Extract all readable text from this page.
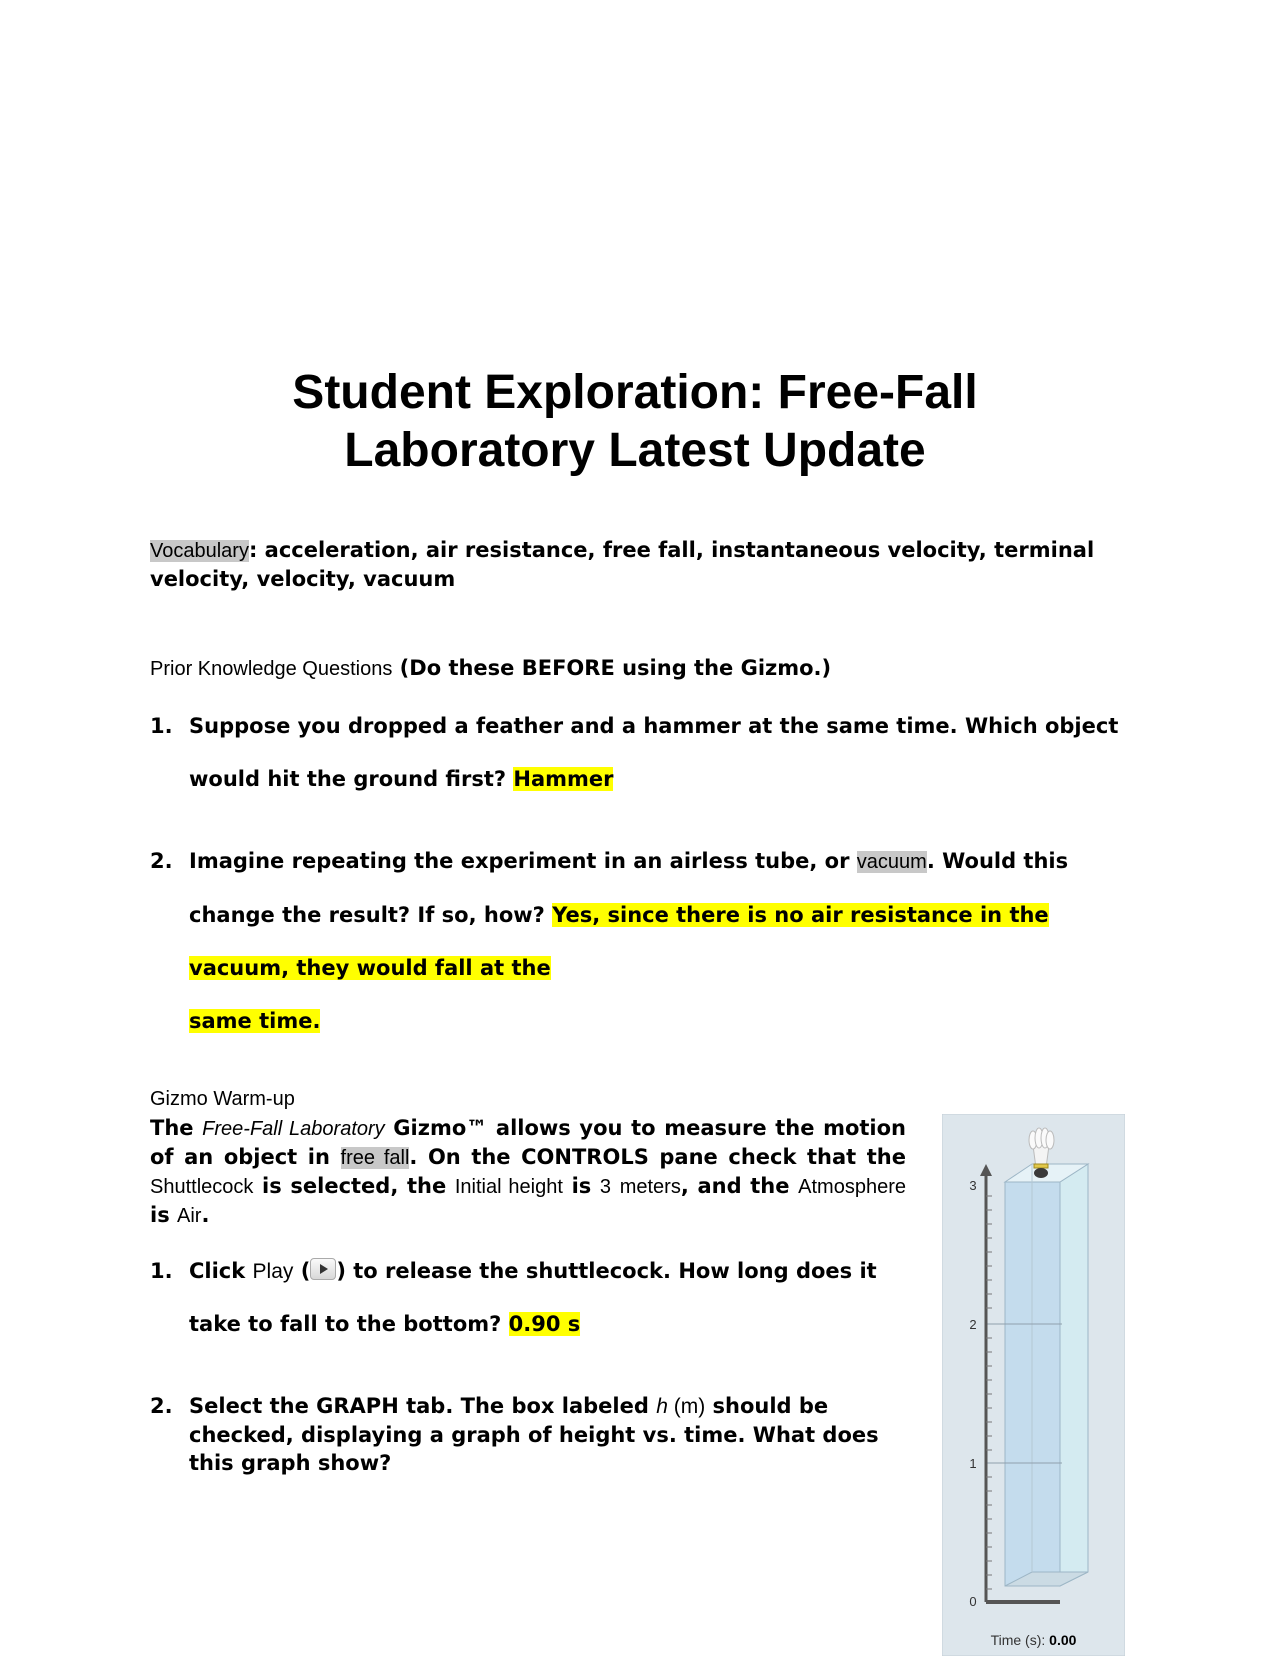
Student Exploration: Free-Fall
Laboratory Latest Update
Vocabulary: acceleration, air resistance, free fall, instantaneous velocity, terminal velocity, velocity, vacuum
Prior Knowledge Questions (Do these BEFORE using the Gizmo.)
1. Suppose you dropped a feather and a hammer at the same time. Which object would hit the ground first? Hammer
2. Imagine repeating the experiment in an airless tube, or vacuum. Would this change the result? If so, how? Yes, since there is no air resistance in the vacuum, they would fall at the
same time.
Gizmo Warm-up
The Free-Fall Laboratory Gizmo™ allows you to measure the motion of an object in free fall. On the CONTROLS pane check that the Shuttlecock is selected, the Initial height is 3 meters, and the Atmosphere is Air.
1. Click Play ( ) to release the shuttlecock. How long does it take to fall to the bottom? 0.90 s
2. Select the GRAPH tab. The box labeled h (m) should be checked, displaying a graph of height vs. time. What does this graph show?
3
2
1
0
Time (s): 0.00
